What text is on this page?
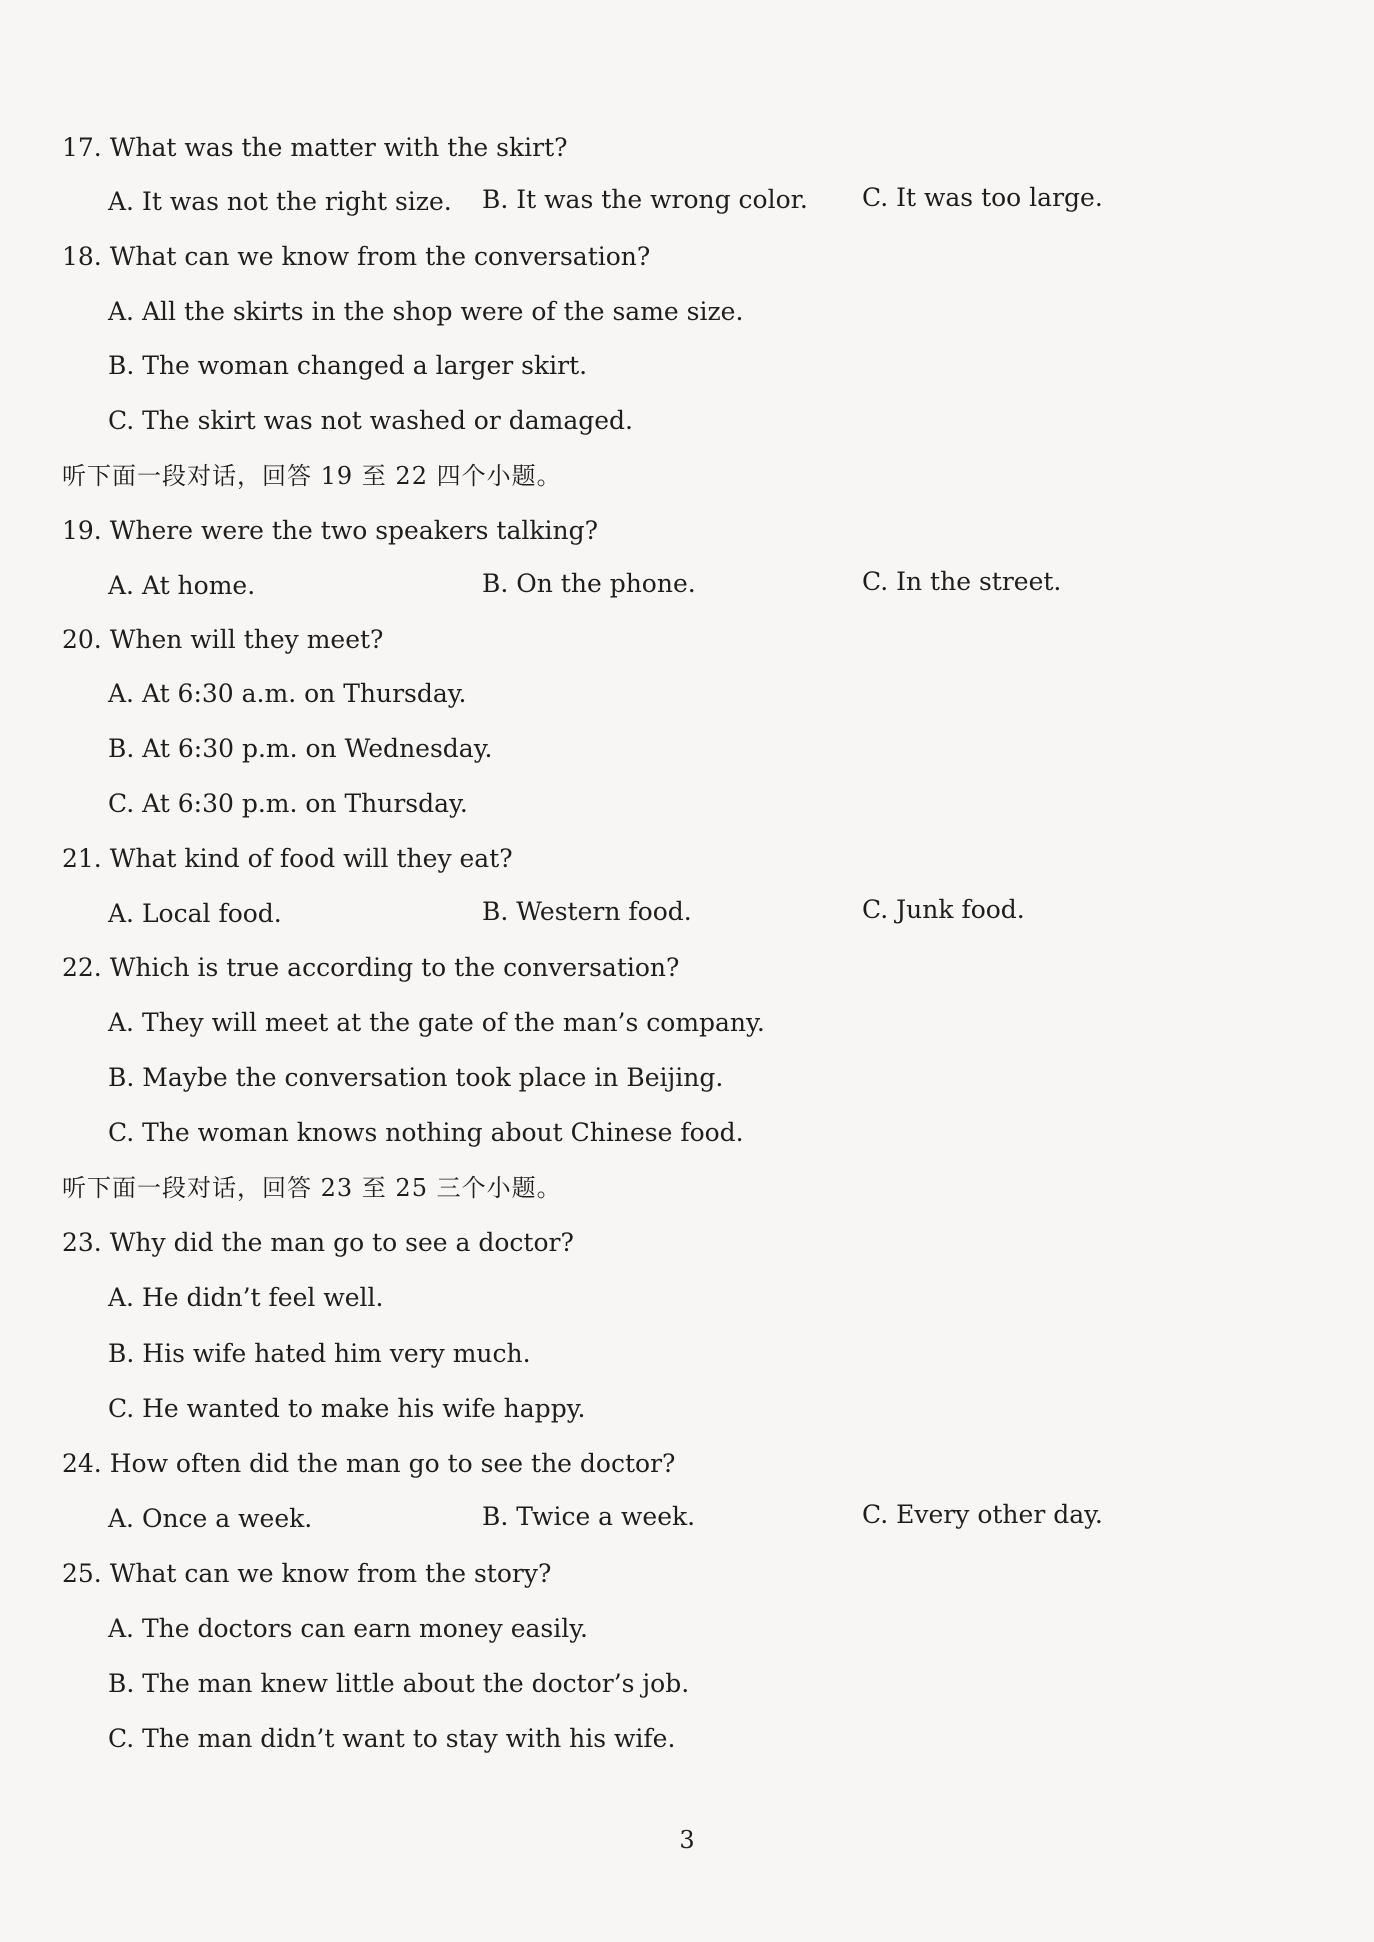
17. What was the matter with the skirt?
A. It was not the right size. B. It was the wrong color. C. It was too large.
18. What can we know from the conversation?
A. All the skirts in the shop were of the same size.
B. The woman changed a larger skirt.
C. The skirt was not washed or damaged.
听下面一段对话，回答 19 至 22 四个小题。
19. Where were the two speakers talking?
A. At home.	B. On the phone.	C. In the street.
20. When will they meet?
A. At 6:30 a.m. on Thursday.
B. At 6:30 p.m. on Wednesday.
C. At 6:30 p.m. on Thursday.
21. What kind of food will they eat?
A. Local food.	B. Western food.	C. Junk food.
22. Which is true according to the conversation?
A. They will meet at the gate of the man’s company.
B. Maybe the conversation took place in Beijing.
C. The woman knows nothing about Chinese food.
听下面一段对话，回答 23 至 25 三个小题。
23. Why did the man go to see a doctor?
A. He didn’t feel well.
B. His wife hated him very much.
C. He wanted to make his wife happy.
24. How often did the man go to see the doctor?
A. Once a week.	B. Twice a week.	C. Every other day.
25. What can we know from the story?
A. The doctors can earn money easily.
B. The man knew little about the doctor’s job.
C. The man didn’t want to stay with his wife.
3
